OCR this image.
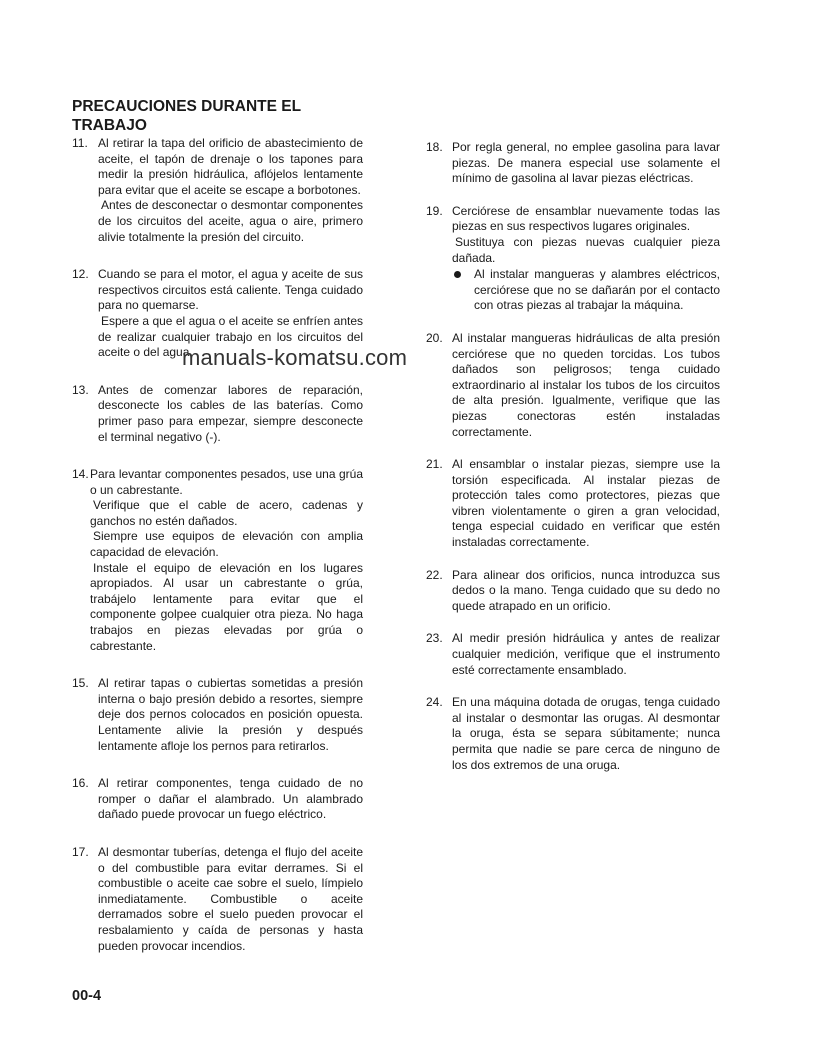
PRECAUCIONES DURANTE EL TRABAJO
11. Al retirar la tapa del orificio de abastecimiento de aceite, el tapón de drenaje o los tapones para medir la presión hidráulica, aflójelos lentamente para evitar que el aceite se escape a borbotones.

Antes de desconectar o desmontar componentes de los circuitos del aceite, agua o aire, primero alivie totalmente la presión del circuito.

12. Cuando se para el motor, el agua y aceite de sus respectivos circuitos está caliente. Tenga cuidado para no quemarse.

Espere a que el agua o el aceite se enfríen antes de realizar cualquier trabajo en los circuitos del aceite o del agua.

13. Antes de comenzar labores de reparación, desconecte los cables de las baterías. Como primer paso para empezar, siempre desconecte el terminal negativo (-).

14. Para levantar componentes pesados, use una grúa o un cabrestante.

Verifique que el cable de acero, cadenas y ganchos no estén dañados.

Siempre use equipos de elevación con amplia capacidad de elevación.

Instale el equipo de elevación en los lugares apropiados. Al usar un cabrestante o grúa, trabájelo lentamente para evitar que el componente golpee cualquier otra pieza. No haga trabajos en piezas elevadas por grúa o cabrestante.

15. Al retirar tapas o cubiertas sometidas a presión interna o bajo presión debido a resortes, siempre deje dos pernos colocados en posición opuesta. Lentamente alivie la presión y después lentamente afloje los pernos para retirarlos.

16. Al retirar componentes, tenga cuidado de no romper o dañar el alambrado. Un alambrado dañado puede provocar un fuego eléctrico.

17. Al desmontar tuberías, detenga el flujo del aceite o del combustible para evitar derrames. Si el combustible o aceite cae sobre el suelo, límpielo inmediatamente. Combustible o aceite derramados sobre el suelo pueden provocar el resbalamiento y caída de personas y hasta pueden provocar incendios.

18. Por regla general, no emplee gasolina para lavar piezas. De manera especial use solamente el mínimo de gasolina al lavar piezas eléctricas.

19. Cerciórese de ensamblar nuevamente todas las piezas en sus respectivos lugares originales.

Sustituya con piezas nuevas cualquier pieza dañada.

Al instalar mangueras y alambres eléctricos, cerciórese que no se dañarán por el contacto con otras piezas al trabajar la máquina.

20. Al instalar mangueras hidráulicas de alta presión cerciórese que no queden torcidas. Los tubos dañados son peligrosos; tenga cuidado extraordinario al instalar los tubos de los circuitos de alta presión. Igualmente, verifique que las piezas conectoras estén instaladas correctamente.

21. Al ensamblar o instalar piezas, siempre use la torsión especificada. Al instalar piezas de protección tales como protectores, piezas que vibren violentamente o giren a gran velocidad, tenga especial cuidado en verificar que estén instaladas correctamente.

22. Para alinear dos orificios, nunca introduzca sus dedos o la mano. Tenga cuidado que su dedo no quede atrapado en un orificio.

23. Al medir presión hidráulica y antes de realizar cualquier medición, verifique que el instrumento esté correctamente ensamblado.

24. En una máquina dotada de orugas, tenga cuidado al instalar o desmontar las orugas. Al desmontar la oruga, ésta se separa súbitamente; nunca permita que nadie se pare cerca de ninguno de los dos extremos de una oruga.

manuals-komatsu.com
00-4
